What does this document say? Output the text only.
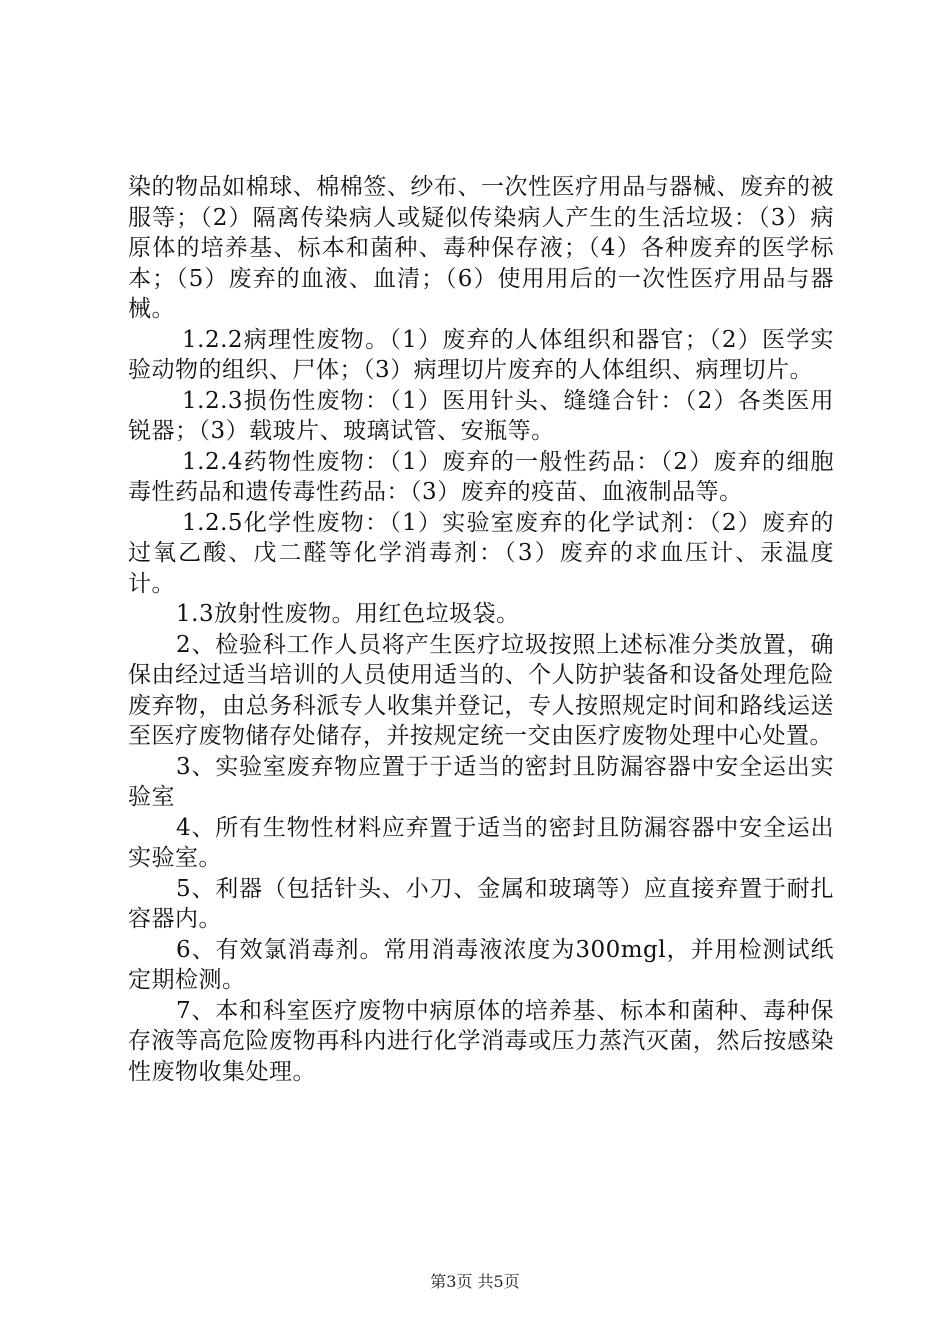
染的物品如棉球、棉棉签、纱布、一次性医疗用品与器械、废弃的被服等；（2）隔离传染病人或疑似传染病人产生的生活垃圾：（3）病原体的培养基、标本和菌种、毒种保存液；（4）各种废弃的医学标本；（5）废弃的血液、血清；（6）使用用后的一次性医疗用品与器械。

1.2.2病理性废物。（1）废弃的人体组织和器官；（2）医学实验动物的组织、尸体；（3）病理切片废弃的人体组织、病理切片。

1.2.3损伤性废物：（1）医用针头、缝缝合针：（2）各类医用锐器；（3）载玻片、玻璃试管、安瓶等。

1.2.4药物性废物：（1）废弃的一般性药品：（2）废弃的细胞毒性药品和遗传毒性药品：（3）废弃的疫苗、血液制品等。

1.2.5化学性废物：（1）实验室废弃的化学试剂：（2）废弃的过氧乙酸、戊二醛等化学消毒剂：（3）废弃的求血压计、汞温度计。

1.3放射性废物。用红色垃圾袋。

2、检验科工作人员将产生医疗垃圾按照上述标准分类放置，确保由经过适当培训的人员使用适当的、个人防护装备和设备处理危险废弃物，由总务科派专人收集并登记，专人按照规定时间和路线运送至医疗废物储存处储存，并按规定统一交由医疗废物处理中心处置。

3、实验室废弃物应置于于适当的密封且防漏容器中安全运出实验室

4、所有生物性材料应弃置于适当的密封且防漏容器中安全运出实验室。

5、利器（包括针头、小刀、金属和玻璃等）应直接弃置于耐扎容器内。

6、有效氯消毒剂。常用消毒液浓度为300mgl，并用检测试纸定期检测。

7、本和科室医疗废物中病原体的培养基、标本和菌种、毒种保存液等高危险废物再科内进行化学消毒或压力蒸汽灭菌，然后按感染性废物收集处理。

第3页 共5页
